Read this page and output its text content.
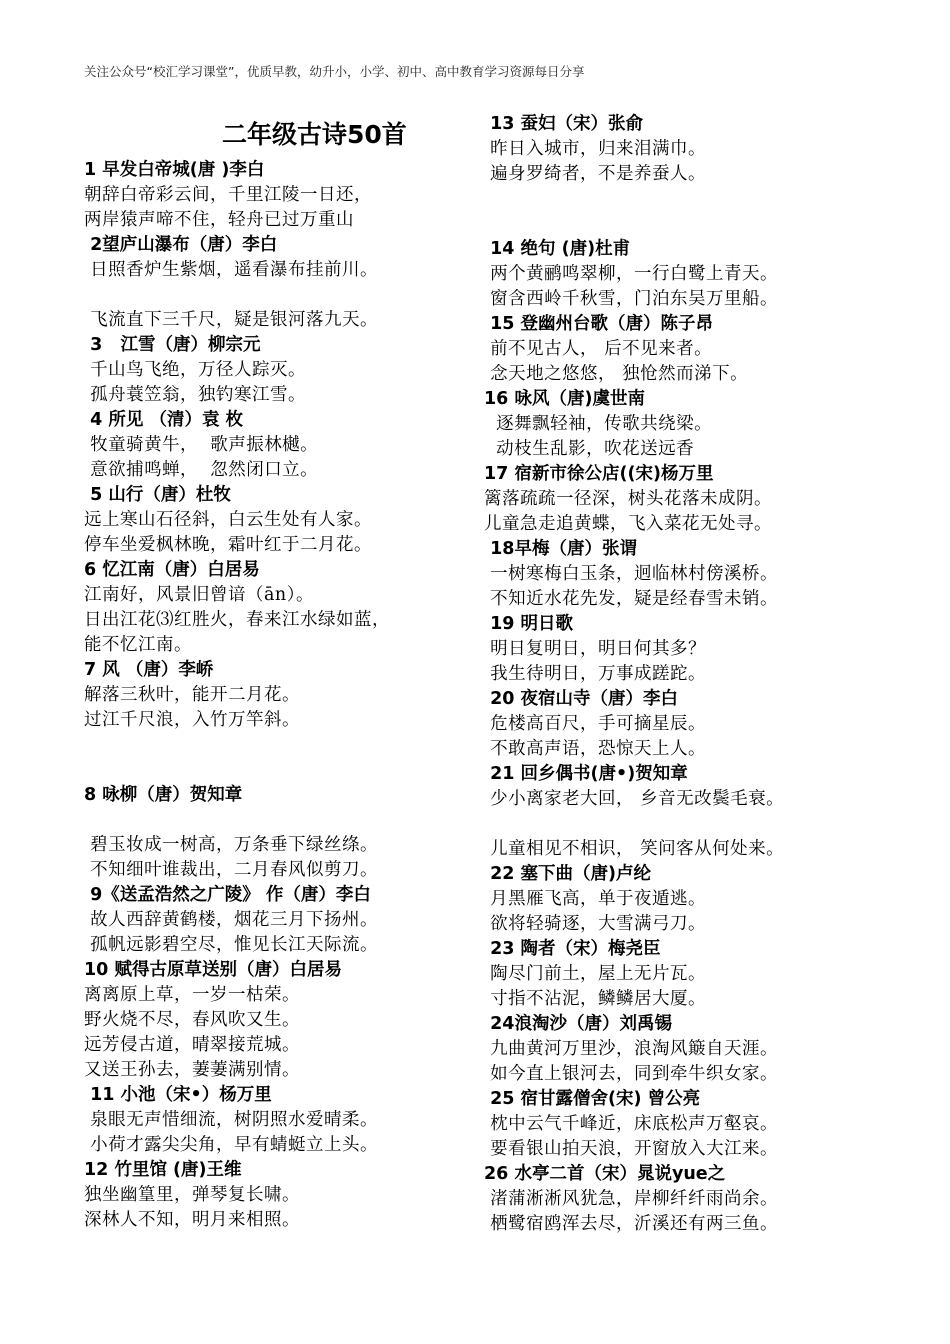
关注公众号“校汇学习课堂”，优质早教，幼升小，小学、初中、高中教育学习资源每日分享
二年级古诗50首
1 早发白帝城(唐 )李白
朝辞白帝彩云间，千里江陵一日还，
两岸猿声啼不住，轻舟已过万重山
2望庐山瀑布（唐）李白
日照香炉生紫烟，遥看瀑布挂前川。

飞流直下三千尺，疑是银河落九天。
3   江雪（唐）柳宗元
千山鸟飞绝，万径人踪灭。
孤舟蓑笠翁，独钓寒江雪。
4 所见 （清）袁 枚
牧童骑黄牛，  歌声振林樾。
意欲捕鸣蝉，  忽然闭口立。
5 山行（唐）杜牧
远上寒山石径斜，白云生处有人家。
停车坐爱枫林晚，霜叶红于二月花。
6 忆江南（唐）白居易
江南好，风景旧曾谙（ān）。
日出江花⑶红胜火，春来江水绿如蓝，
能不忆江南。
7 风 （唐）李峤
解落三秋叶，能开二月花。
过江千尺浪，入竹万竿斜。

8 咏柳（唐）贺知章

碧玉妆成一树高，万条垂下绿丝绦。
不知细叶谁裁出，二月春风似剪刀。
9《送孟浩然之广陵》 作（唐）李白
故人西辞黄鹤楼，烟花三月下扬州。
孤帆远影碧空尽，惟见长江天际流。
10 赋得古原草送别（唐）白居易
离离原上草，一岁一枯荣。
野火烧不尽，春风吹又生。
远芳侵古道，晴翠接荒城。
又送王孙去，萋萋满别情。
11 小池（宋•）杨万里
泉眼无声惜细流，树阴照水爱晴柔。
小荷才露尖尖角，早有蜻蜓立上头。
12 竹里馆 (唐)王维
独坐幽篁里，弹琴复长啸。
深林人不知，明月来相照。
13 蚕妇（宋）张俞
昨日入城市，归来泪满巾。
遍身罗绮者，不是养蚕人。

14 绝句 (唐)杜甫
两个黄鹂鸣翠柳，一行白鹭上青天。
窗含西岭千秋雪，门泊东吴万里船。
15 登幽州台歌（唐）陈子昂
前不见古人， 后不见来者。
念天地之悠悠， 独怆然而涕下。
16 咏风（唐)虞世南
逐舞飘轻袖，传歌共绕梁。
动枝生乱影，吹花送远香
17 宿新市徐公店((宋)杨万里
篱落疏疏一径深，树头花落未成阴。
儿童急走追黄蝶，飞入菜花无处寻。
18早梅（唐）张谓
一树寒梅白玉条，迥临林村傍溪桥。
不知近水花先发，疑是经春雪未销。
19 明日歌
明日复明日，明日何其多？
我生待明日，万事成蹉跎。
20 夜宿山寺（唐）李白
危楼高百尺，手可摘星辰。
不敢高声语，恐惊天上人。
21 回乡偶书(唐•)贺知章
少小离家老大回， 乡音无改鬓毛衰。

儿童相见不相识， 笑问客从何处来。
22 塞下曲（唐)卢纶
月黑雁飞高，单于夜遁逃。
欲将轻骑逐，大雪满弓刀。
23 陶者（宋）梅尧臣
陶尽门前土，屋上无片瓦。
寸指不沾泥，鳞鳞居大厦。
24浪淘沙（唐）刘禹锡
九曲黄河万里沙，浪淘风簸自天涯。
如今直上银河去，同到牵牛织女家。
25 宿甘露僧舍(宋) 曾公亮
枕中云气千峰近，床底松声万壑哀。
要看银山拍天浪，开窗放入大江来。
26 水亭二首（宋）晁说yue之
渚蒲淅淅风犹急，岸柳纤纤雨尚余。
栖鹭宿鸥浑去尽，沂溪还有两三鱼。
